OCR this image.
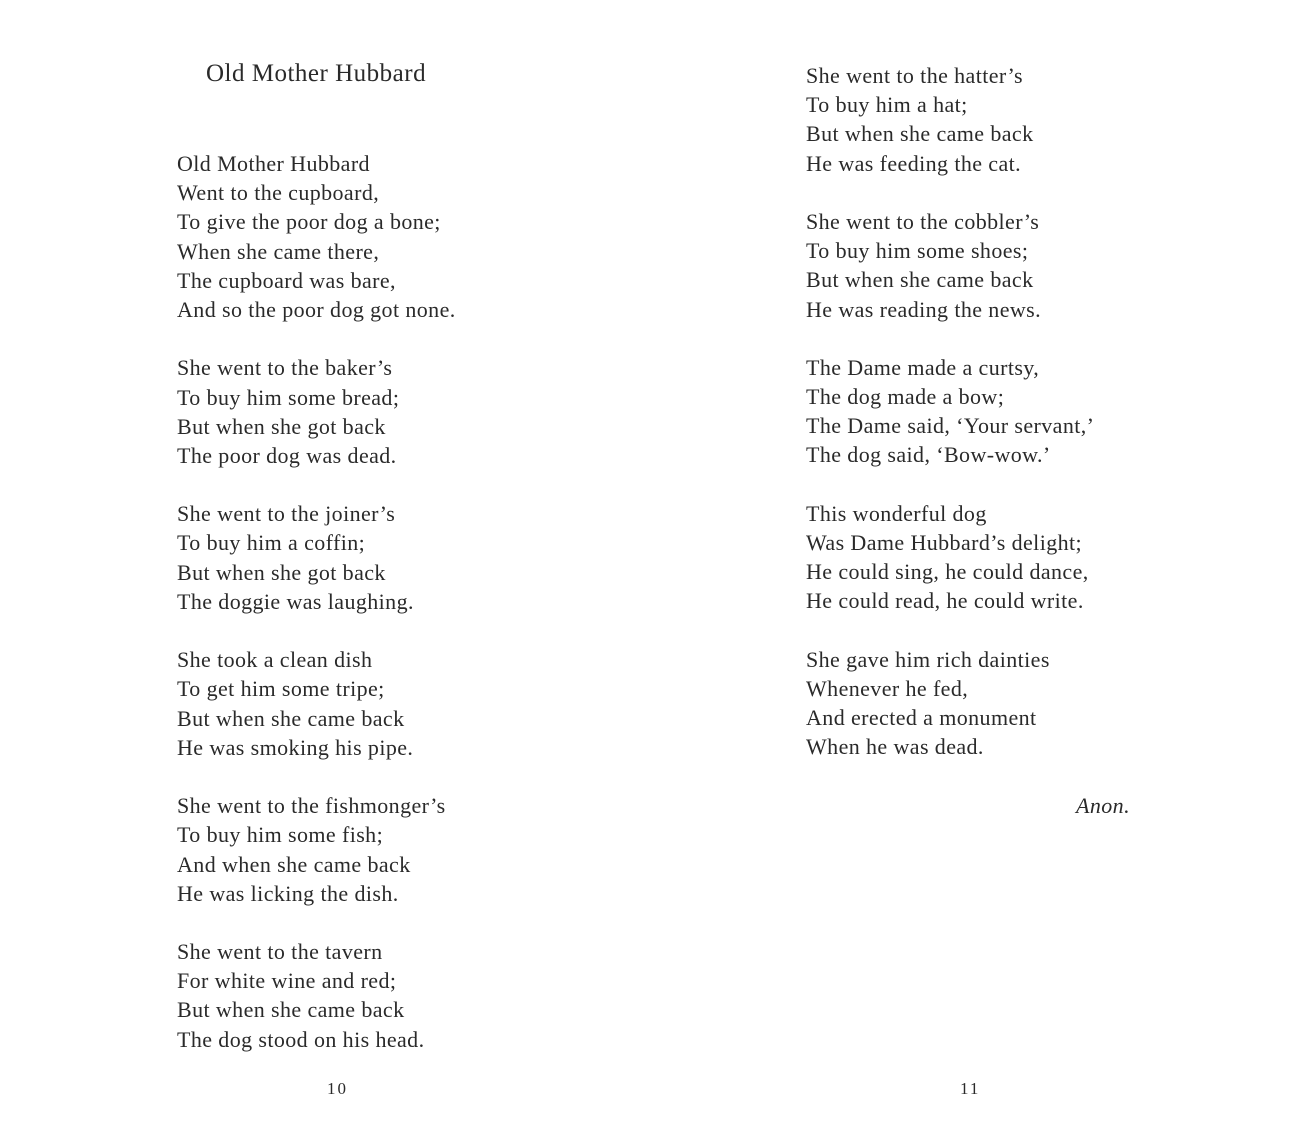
Old Mother Hubbard
Old Mother Hubbard
Went to the cupboard,
To give the poor dog a bone;
When she came there,
The cupboard was bare,
And so the poor dog got none.
She went to the baker’s
To buy him some bread;
But when she got back
The poor dog was dead.
She went to the joiner’s
To buy him a coffin;
But when she got back
The doggie was laughing.
She took a clean dish
To get him some tripe;
But when she came back
He was smoking his pipe.
She went to the fishmonger’s
To buy him some fish;
And when she came back
He was licking the dish.
She went to the tavern
For white wine and red;
But when she came back
The dog stood on his head.
10
She went to the hatter’s
To buy him a hat;
But when she came back
He was feeding the cat.
She went to the cobbler’s
To buy him some shoes;
But when she came back
He was reading the news.
The Dame made a curtsy,
The dog made a bow;
The Dame said, ‘Your servant,’
The dog said, ‘Bow-wow.’
This wonderful dog
Was Dame Hubbard’s delight;
He could sing, he could dance,
He could read, he could write.
She gave him rich dainties
Whenever he fed,
And erected a monument
When he was dead.
Anon.
11
